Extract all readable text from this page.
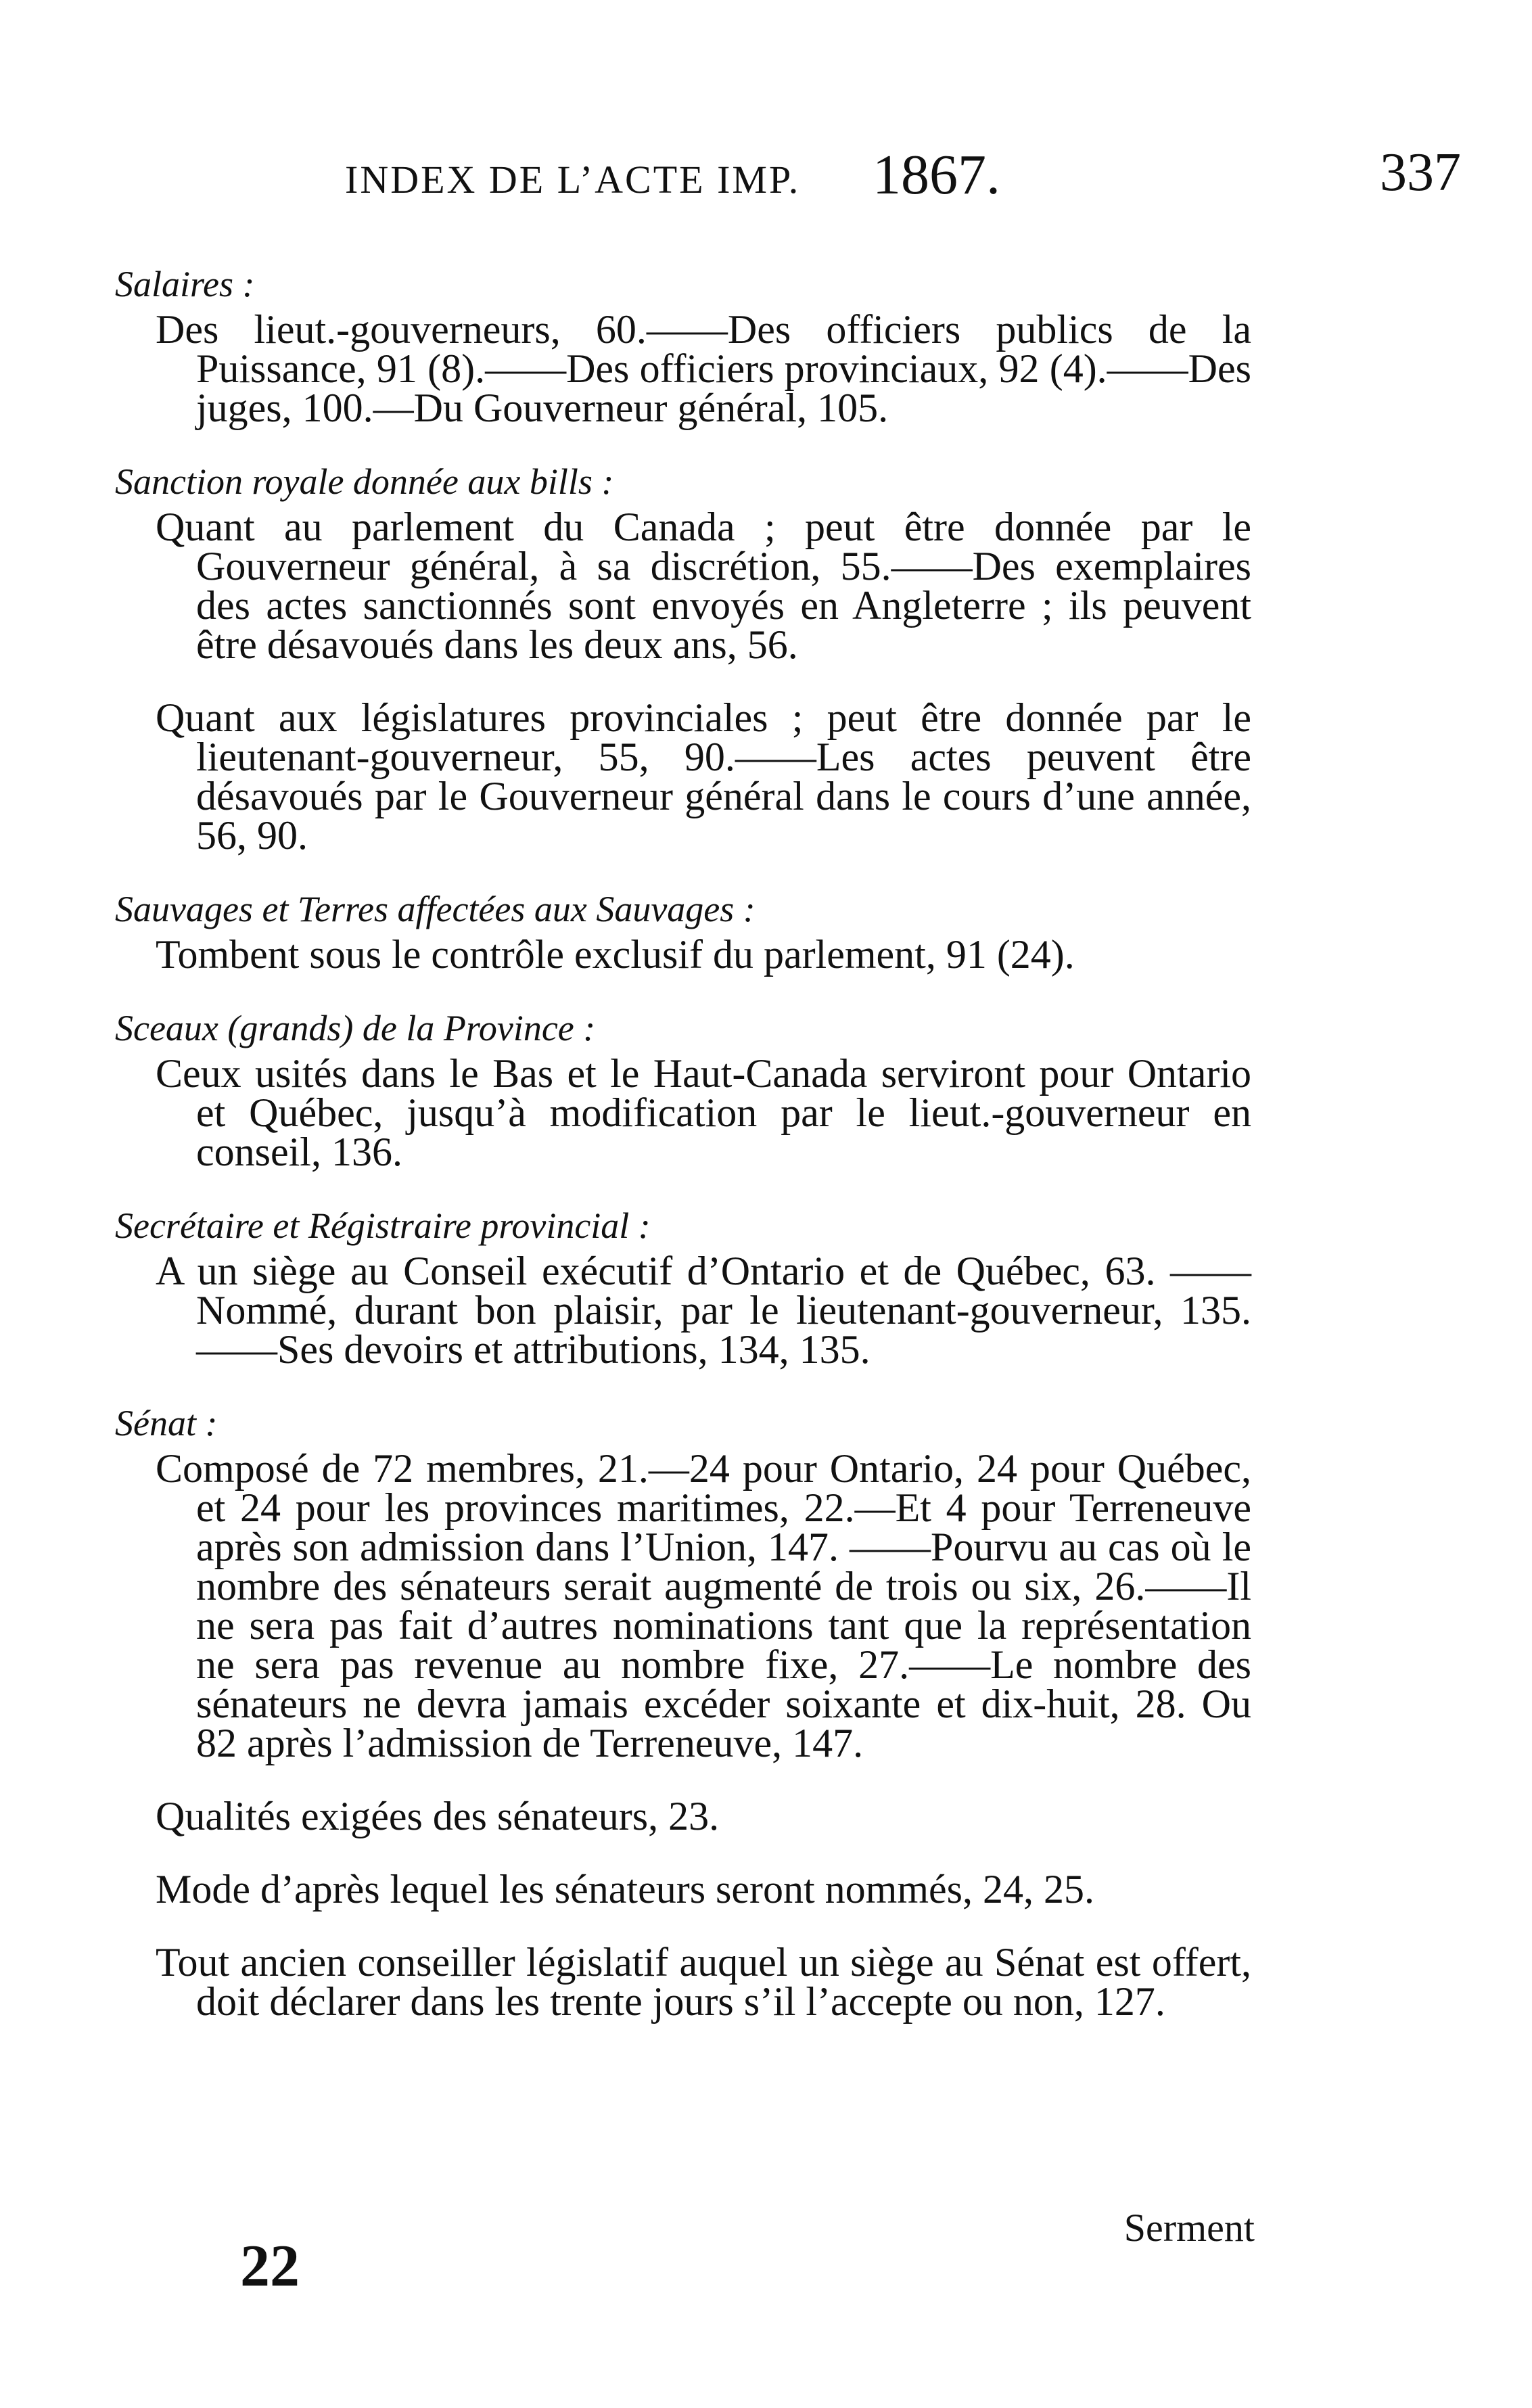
INDEX DE L’ACTE IMP. 1867.	337
Salaires :

Des lieut.-gouverneurs, 60.——Des officiers publics de la Puissance, 91 (8).——Des officiers provinciaux, 92 (4).——Des juges, 100.—Du Gouverneur général, 105.

Sanction royale donnée aux bills :

Quant au parlement du Canada ; peut être donnée par le Gouverneur général, à sa discrétion, 55.——Des exemplaires des actes sanctionnés sont envoyés en Angleterre ; ils peuvent être désavoués dans les deux ans, 56.

Quant aux législatures provinciales ; peut être donnée par le lieutenant-gouverneur, 55, 90.——Les actes peuvent être désavoués par le Gouverneur général dans le cours d’une année, 56, 90.

Sauvages et Terres affectées aux Sauvages :

Tombent sous le contrôle exclusif du parlement, 91 (24).

Sceaux (grands) de la Province :

Ceux usités dans le Bas et le Haut-Canada serviront pour Ontario et Québec, jusqu’à modification par le lieut.-gouverneur en conseil, 136.

Secrétaire et Régistraire provincial :

A un siège au Conseil exécutif d’Ontario et de Québec, 63. ——Nommé, durant bon plaisir, par le lieutenant-gouverneur, 135.——Ses devoirs et attributions, 134, 135.

Sénat :

Composé de 72 membres, 21.—24 pour Ontario, 24 pour Québec, et 24 pour les provinces maritimes, 22.—Et 4 pour Terreneuve après son admission dans l’Union, 147. ——Pourvu au cas où le nombre des sénateurs serait augmenté de trois ou six, 26.——Il ne sera pas fait d’autres nominations tant que la représentation ne sera pas revenue au nombre fixe, 27.——Le nombre des sénateurs ne devra jamais excéder soixante et dix-huit, 28. Ou 82 après l’admission de Terreneuve, 147.

Qualités exigées des sénateurs, 23.

Mode d’après lequel les sénateurs seront nommés, 24, 25.

Tout ancien conseiller législatif auquel un siège au Sénat est offert, doit déclarer dans les trente jours s’il l’accepte ou non, 127.

Serment
22
